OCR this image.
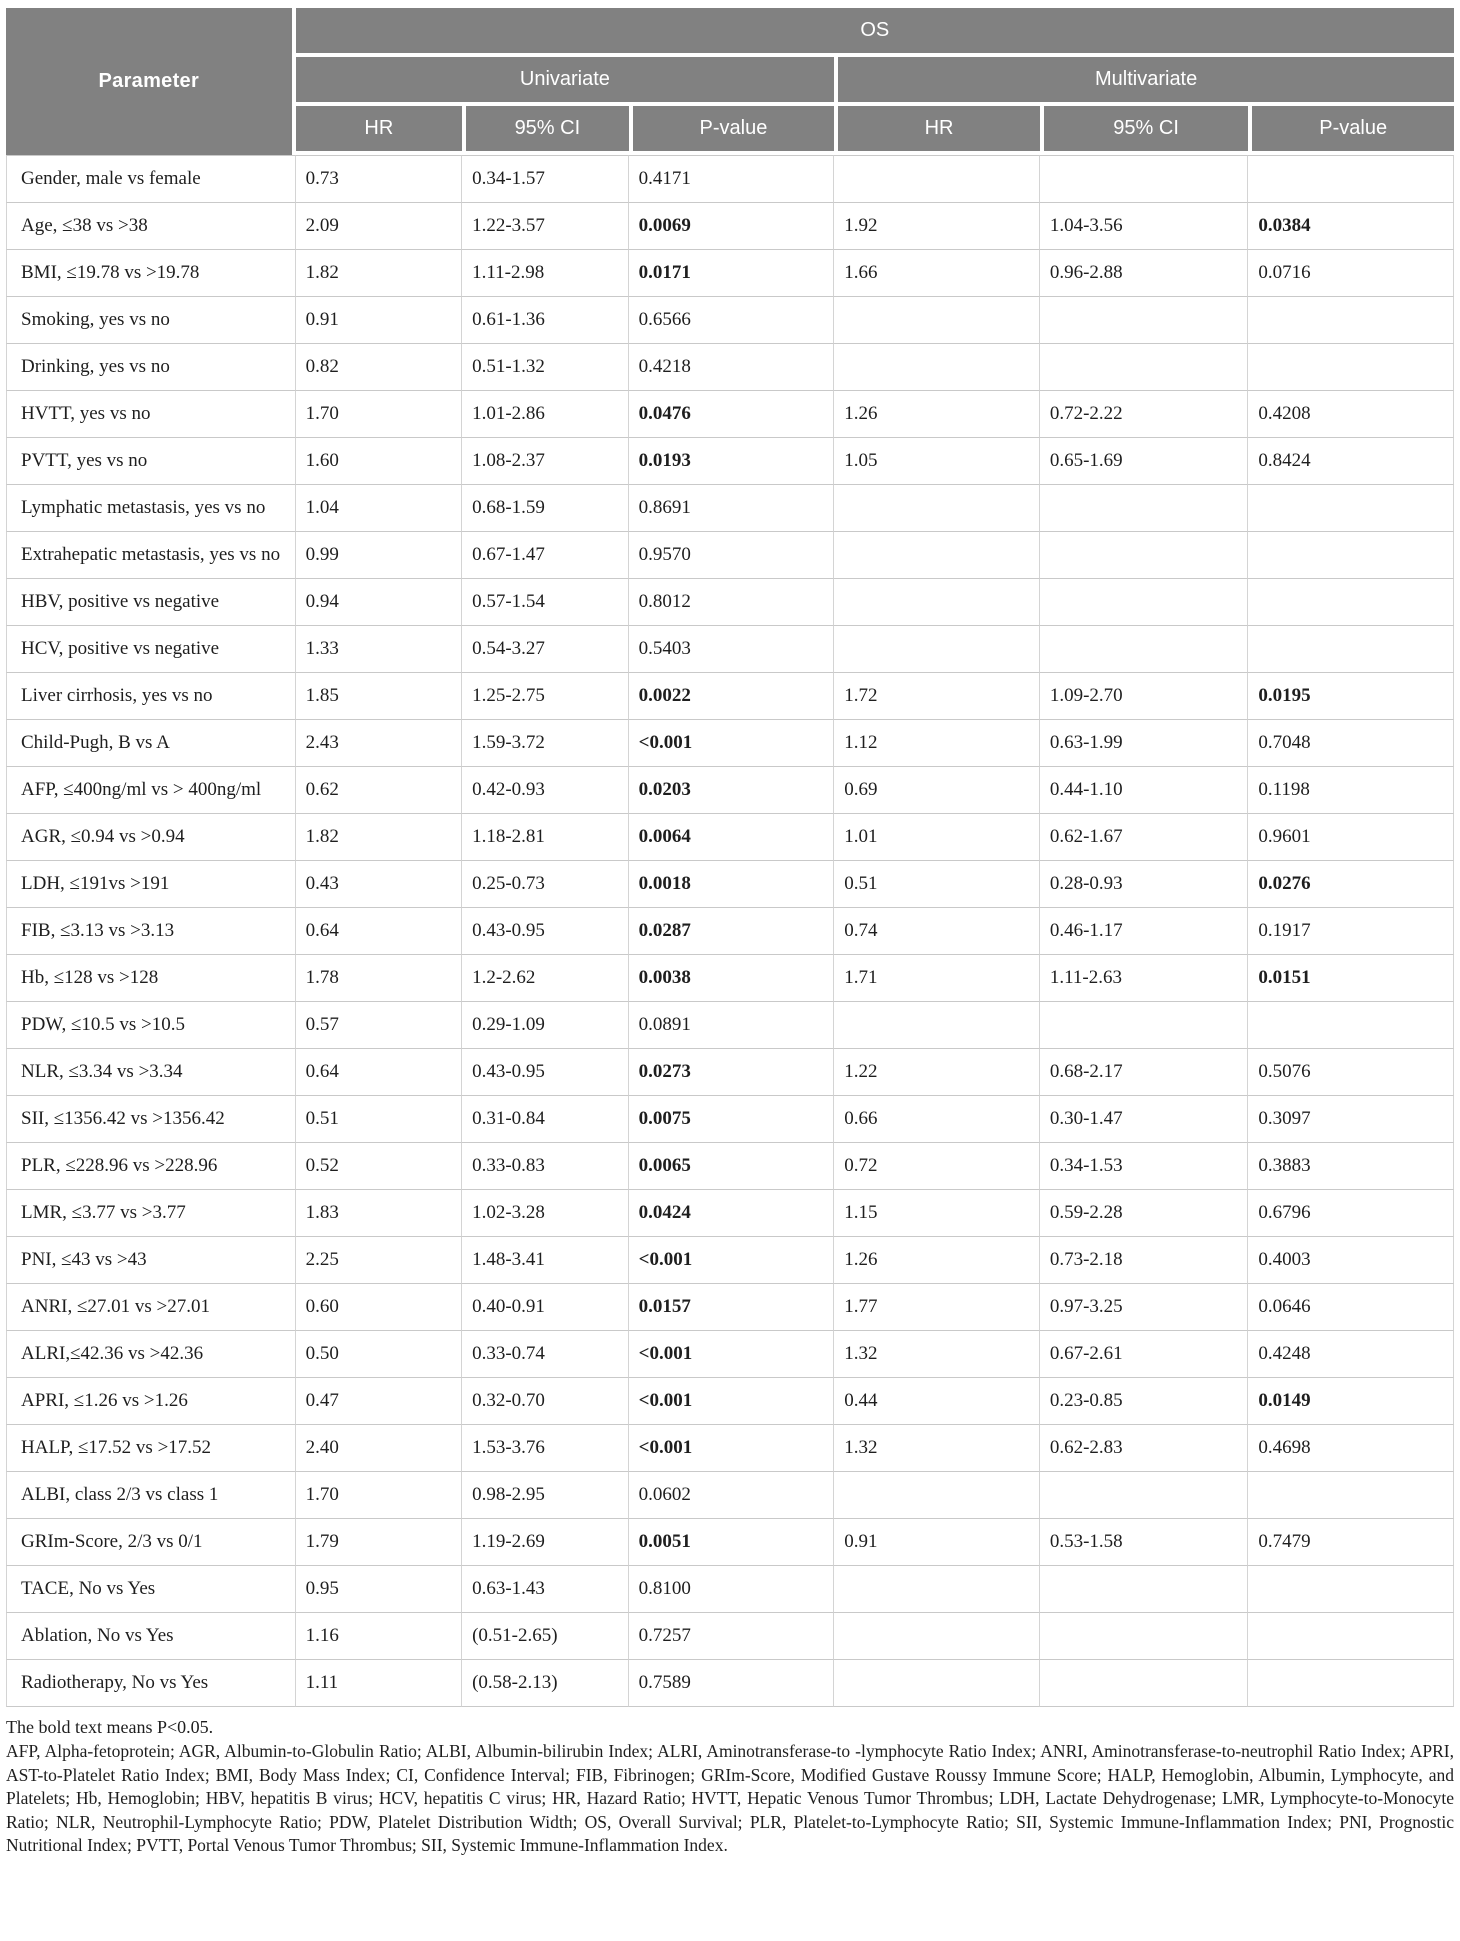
Parameter	OS					
	Univariate			Multivariate		
	HR	95% CI	P-value	HR	95% CI	P-value
Gender, male vs female	0.73	0.34-1.57	0.4171			
Age, ≤38 vs >38	2.09	1.22-3.57	0.0069	1.92	1.04-3.56	0.0384
BMI, ≤19.78 vs >19.78	1.82	1.11-2.98	0.0171	1.66	0.96-2.88	0.0716
Smoking, yes vs no	0.91	0.61-1.36	0.6566			
Drinking, yes vs no	0.82	0.51-1.32	0.4218			
HVTT, yes vs no	1.70	1.01-2.86	0.0476	1.26	0.72-2.22	0.4208
PVTT, yes vs no	1.60	1.08-2.37	0.0193	1.05	0.65-1.69	0.8424
Lymphatic metastasis, yes vs no	1.04	0.68-1.59	0.8691			
Extrahepatic metastasis, yes vs no	0.99	0.67-1.47	0.9570			
HBV, positive vs negative	0.94	0.57-1.54	0.8012			
HCV, positive vs negative	1.33	0.54-3.27	0.5403			
Liver cirrhosis, yes vs no	1.85	1.25-2.75	0.0022	1.72	1.09-2.70	0.0195
Child-Pugh, B vs A	2.43	1.59-3.72	<0.001	1.12	0.63-1.99	0.7048
AFP, ≤400ng/ml vs > 400ng/ml	0.62	0.42-0.93	0.0203	0.69	0.44-1.10	0.1198
AGR, ≤0.94 vs >0.94	1.82	1.18-2.81	0.0064	1.01	0.62-1.67	0.9601
LDH, ≤191vs >191	0.43	0.25-0.73	0.0018	0.51	0.28-0.93	0.0276
FIB, ≤3.13 vs >3.13	0.64	0.43-0.95	0.0287	0.74	0.46-1.17	0.1917
Hb, ≤128 vs >128	1.78	1.2-2.62	0.0038	1.71	1.11-2.63	0.0151
PDW, ≤10.5 vs >10.5	0.57	0.29-1.09	0.0891			
NLR, ≤3.34 vs >3.34	0.64	0.43-0.95	0.0273	1.22	0.68-2.17	0.5076
SII, ≤1356.42 vs >1356.42	0.51	0.31-0.84	0.0075	0.66	0.30-1.47	0.3097
PLR, ≤228.96 vs >228.96	0.52	0.33-0.83	0.0065	0.72	0.34-1.53	0.3883
LMR, ≤3.77 vs >3.77	1.83	1.02-3.28	0.0424	1.15	0.59-2.28	0.6796
PNI, ≤43 vs >43	2.25	1.48-3.41	<0.001	1.26	0.73-2.18	0.4003
ANRI, ≤27.01 vs >27.01	0.60	0.40-0.91	0.0157	1.77	0.97-3.25	0.0646
ALRI,≤42.36 vs >42.36	0.50	0.33-0.74	<0.001	1.32	0.67-2.61	0.4248
APRI, ≤1.26 vs >1.26	0.47	0.32-0.70	<0.001	0.44	0.23-0.85	0.0149
HALP, ≤17.52 vs >17.52	2.40	1.53-3.76	<0.001	1.32	0.62-2.83	0.4698
ALBI, class 2/3 vs class 1	1.70	0.98-2.95	0.0602			
GRIm-Score, 2/3 vs 0/1	1.79	1.19-2.69	0.0051	0.91	0.53-1.58	0.7479
TACE, No vs Yes	0.95	0.63-1.43	0.8100			
Ablation, No vs Yes	1.16	(0.51-2.65)	0.7257			
Radiotherapy, No vs Yes	1.11	(0.58-2.13)	0.7589			
The bold text means P<0.05.
AFP, Alpha-fetoprotein; AGR, Albumin-to-Globulin Ratio; ALBI, Albumin-bilirubin Index; ALRI, Aminotransferase-to -lymphocyte Ratio Index; ANRI, Aminotransferase-to-neutrophil Ratio Index; APRI, AST-to-Platelet Ratio Index; BMI, Body Mass Index; CI, Confidence Interval; FIB, Fibrinogen; GRIm-Score, Modified Gustave Roussy Immune Score; HALP, Hemoglobin, Albumin, Lymphocyte, and Platelets; Hb, Hemoglobin; HBV, hepatitis B virus; HCV, hepatitis C virus; HR, Hazard Ratio; HVTT, Hepatic Venous Tumor Thrombus; LDH, Lactate Dehydrogenase; LMR, Lymphocyte-to-Monocyte Ratio; NLR, Neutrophil-Lymphocyte Ratio; PDW, Platelet Distribution Width; OS, Overall Survival; PLR, Platelet-to-Lymphocyte Ratio; SII, Systemic Immune-Inflammation Index; PNI, Prognostic Nutritional Index; PVTT, Portal Venous Tumor Thrombus; SII, Systemic Immune-Inflammation Index.
